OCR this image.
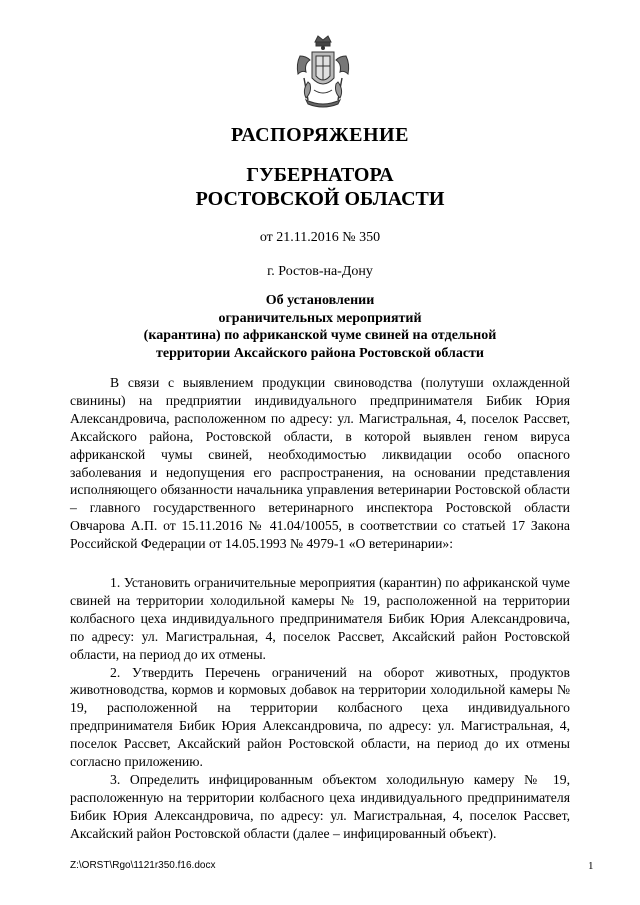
РАСПОРЯЖЕНИЕ
ГУБЕРНАТОРА
РОСТОВСКОЙ ОБЛАСТИ
от 21.11.2016 № 350
г. Ростов-на-Дону
Об установлении
ограничительных мероприятий
(карантина) по африканской чуме свиней на отдельной
территории Аксайского района Ростовской области

В связи с выявлением продукции свиноводства (полутуши охлажденной свинины) на предприятии индивидуального предпринимателя Бибик Юрия Александровича, расположенном по адресу: ул. Магистральная, 4, поселок Рассвет, Аксайского района, Ростовской области, в которой выявлен геном вируса африканской чумы свиней, необходимостью ликвидации особо опасного заболевания и недопущения его распространения, на основании представления исполняющего обязанности начальника управления ветеринарии Ростовской области – главного государственного ветеринарного инспектора Ростовской области Овчарова А.П. от 15.11.2016 № 41.04/10055, в соответствии со статьей 17 Закона Российской Федерации от 14.05.1993 № 4979-1 «О ветеринарии»:

1. Установить ограничительные мероприятия (карантин) по африканской чуме свиней на территории холодильной камеры № 19, расположенной на территории колбасного цеха индивидуального предпринимателя Бибик Юрия Александровича, по адресу: ул. Магистральная, 4, поселок Рассвет, Аксайский район Ростовской области, на период до их отмены.

2. Утвердить Перечень ограничений на оборот животных, продуктов животноводства, кормов и кормовых добавок на территории холодильной камеры № 19, расположенной на территории колбасного цеха индивидуального предпринимателя Бибик Юрия Александровича, по адресу: ул. Магистральная, 4, поселок Рассвет, Аксайский район Ростовской области, на период до их отмены согласно приложению.

3. Определить инфицированным объектом холодильную камеру № 19, расположенную на территории колбасного цеха индивидуального предпринимателя Бибик Юрия Александровича, по адресу: ул. Магистральная, 4, поселок Рассвет, Аксайский район Ростовской области (далее – инфицированный объект).

Z:\ORST\Rgo\1121r350.f16.docx	1
